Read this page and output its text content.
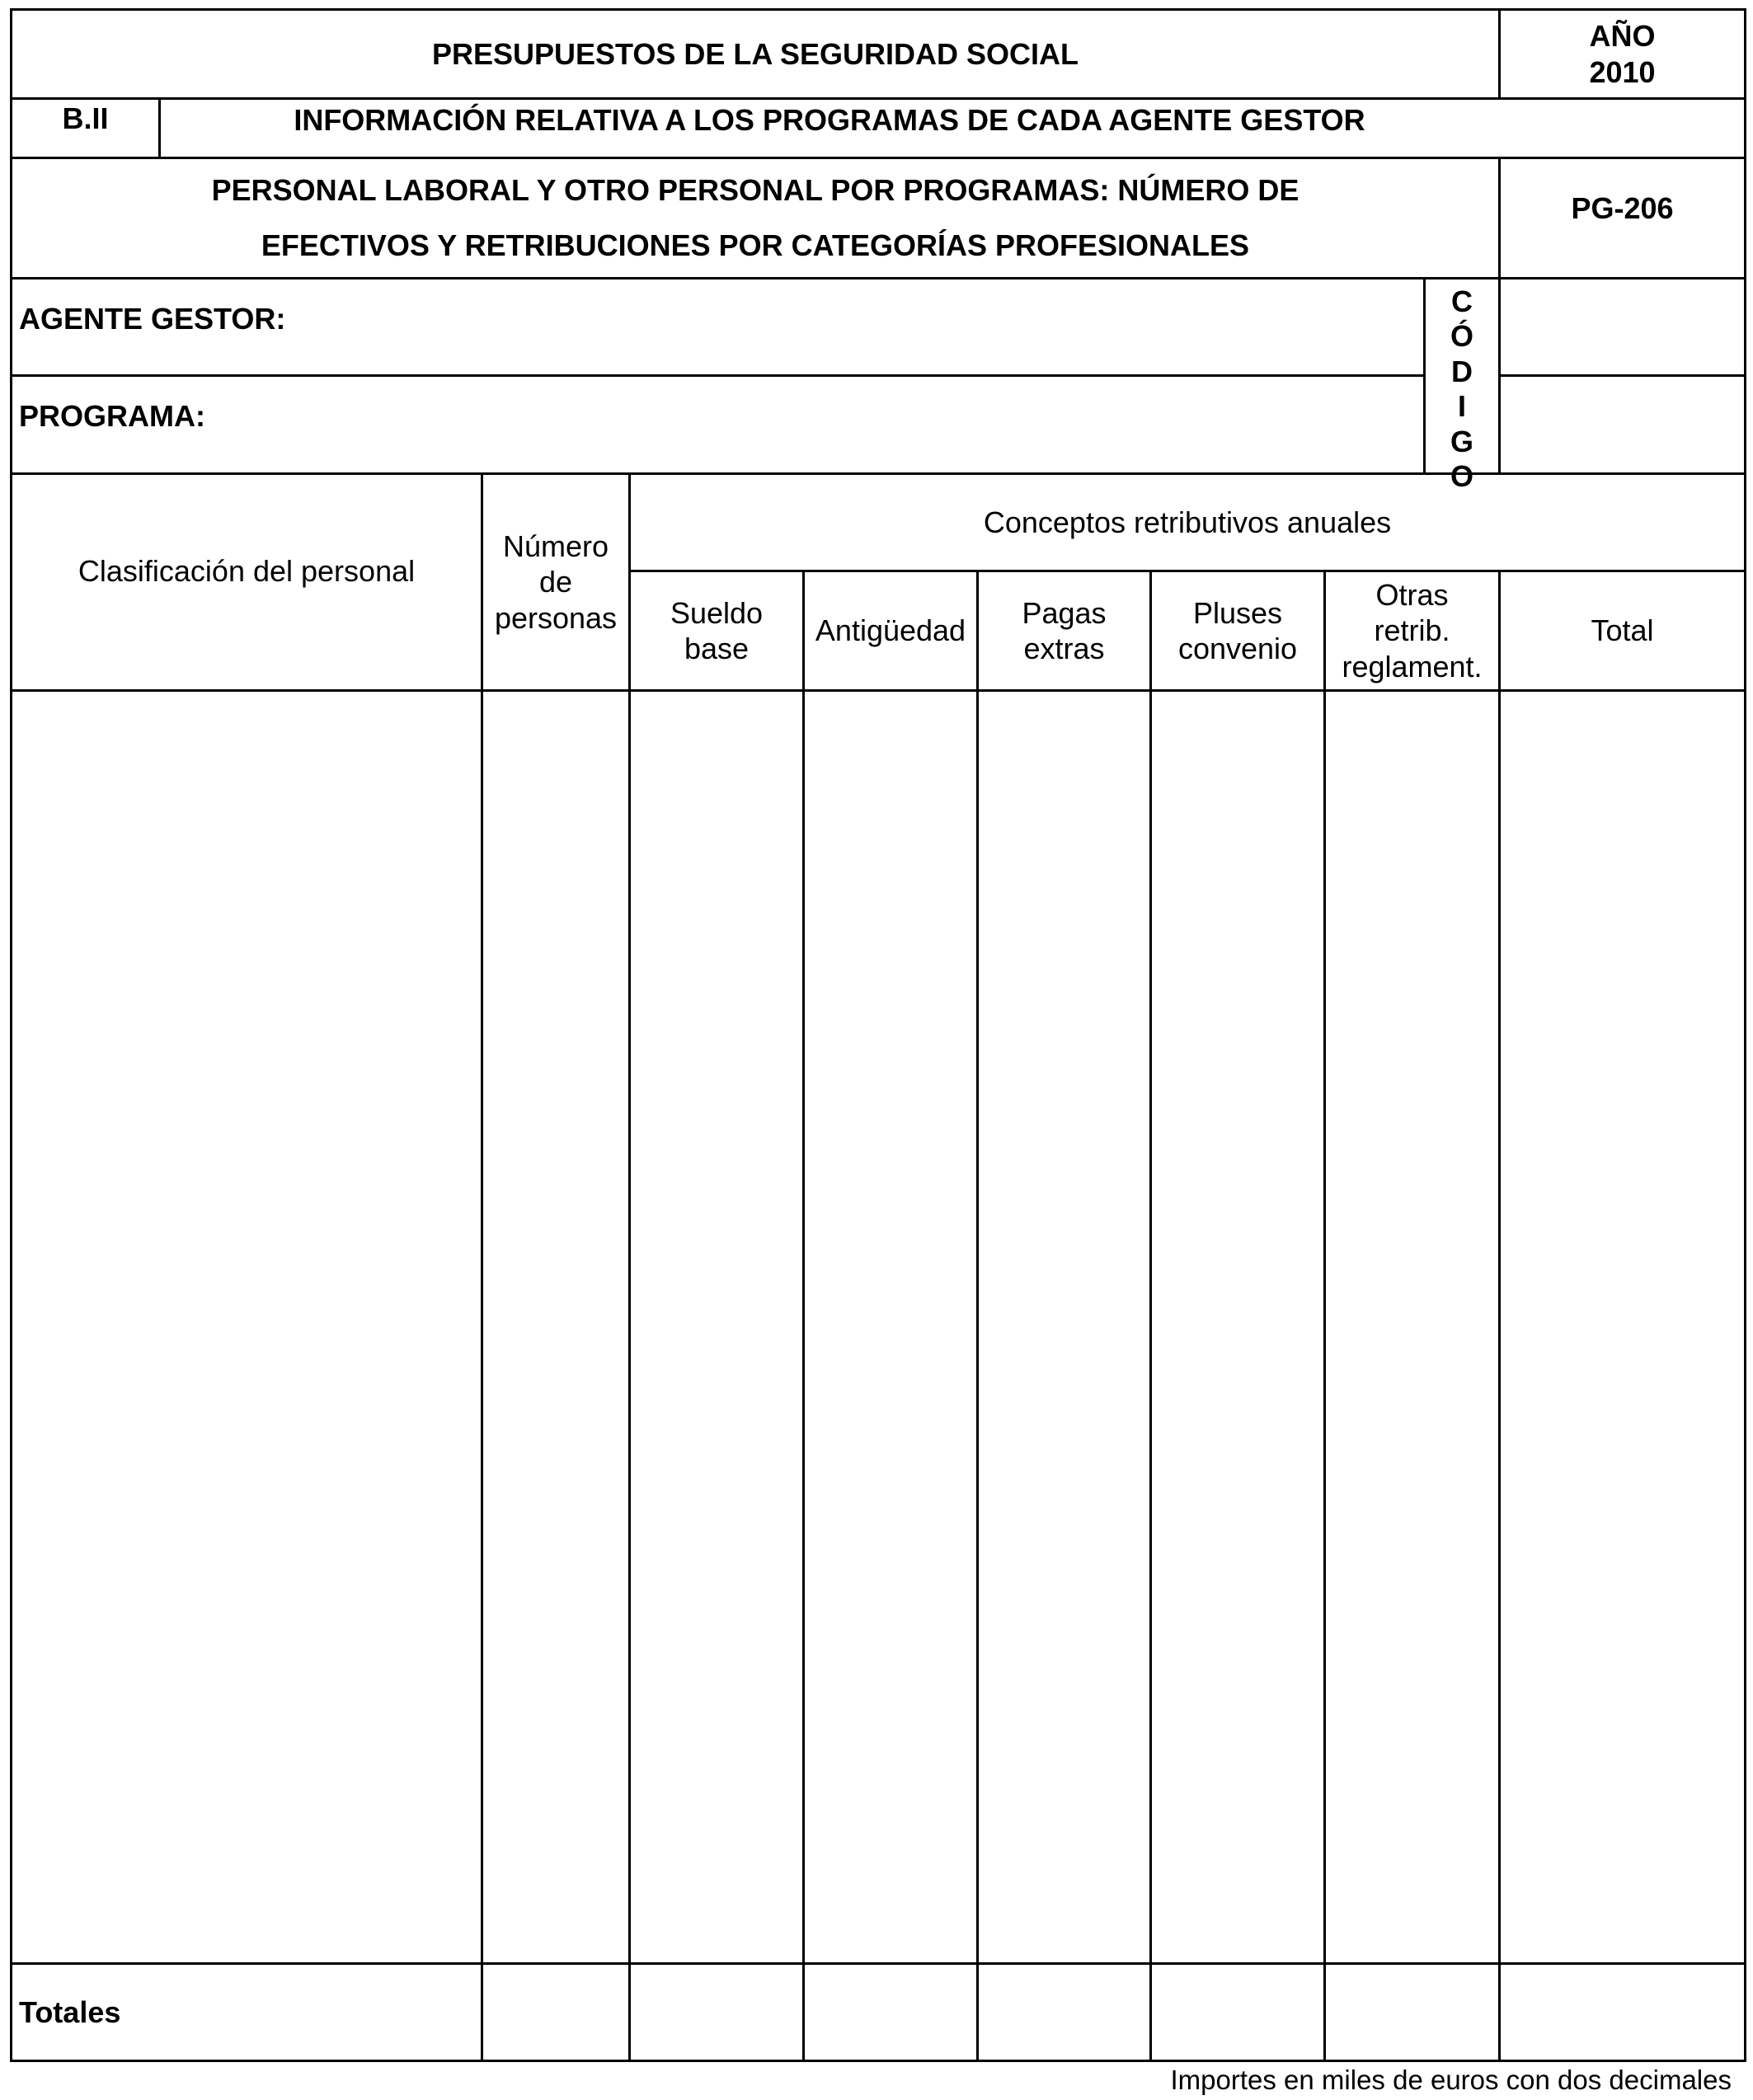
PRESUPUESTOS DE LA SEGURIDAD SOCIAL
AÑO
2010
B.II	INFORMACIÓN RELATIVA A LOS PROGRAMAS DE CADA AGENTE GESTOR
PERSONAL LABORAL Y OTRO PERSONAL POR PROGRAMAS: NÚMERO DE
EFECTIVOS Y RETRIBUCIONES POR CATEGORÍAS PROFESIONALES
PG-206
AGENTE GESTOR:
PROGRAMA:
C
Ó
D
I
G
O
Clasificación del personal
Número
de
personas
Conceptos retributivos anuales
Sueldo
base
Antigüedad
Pagas
extras
Pluses
convenio
Otras
retrib.
reglament.
Total
Totales
Importes en miles de euros con dos decimales
